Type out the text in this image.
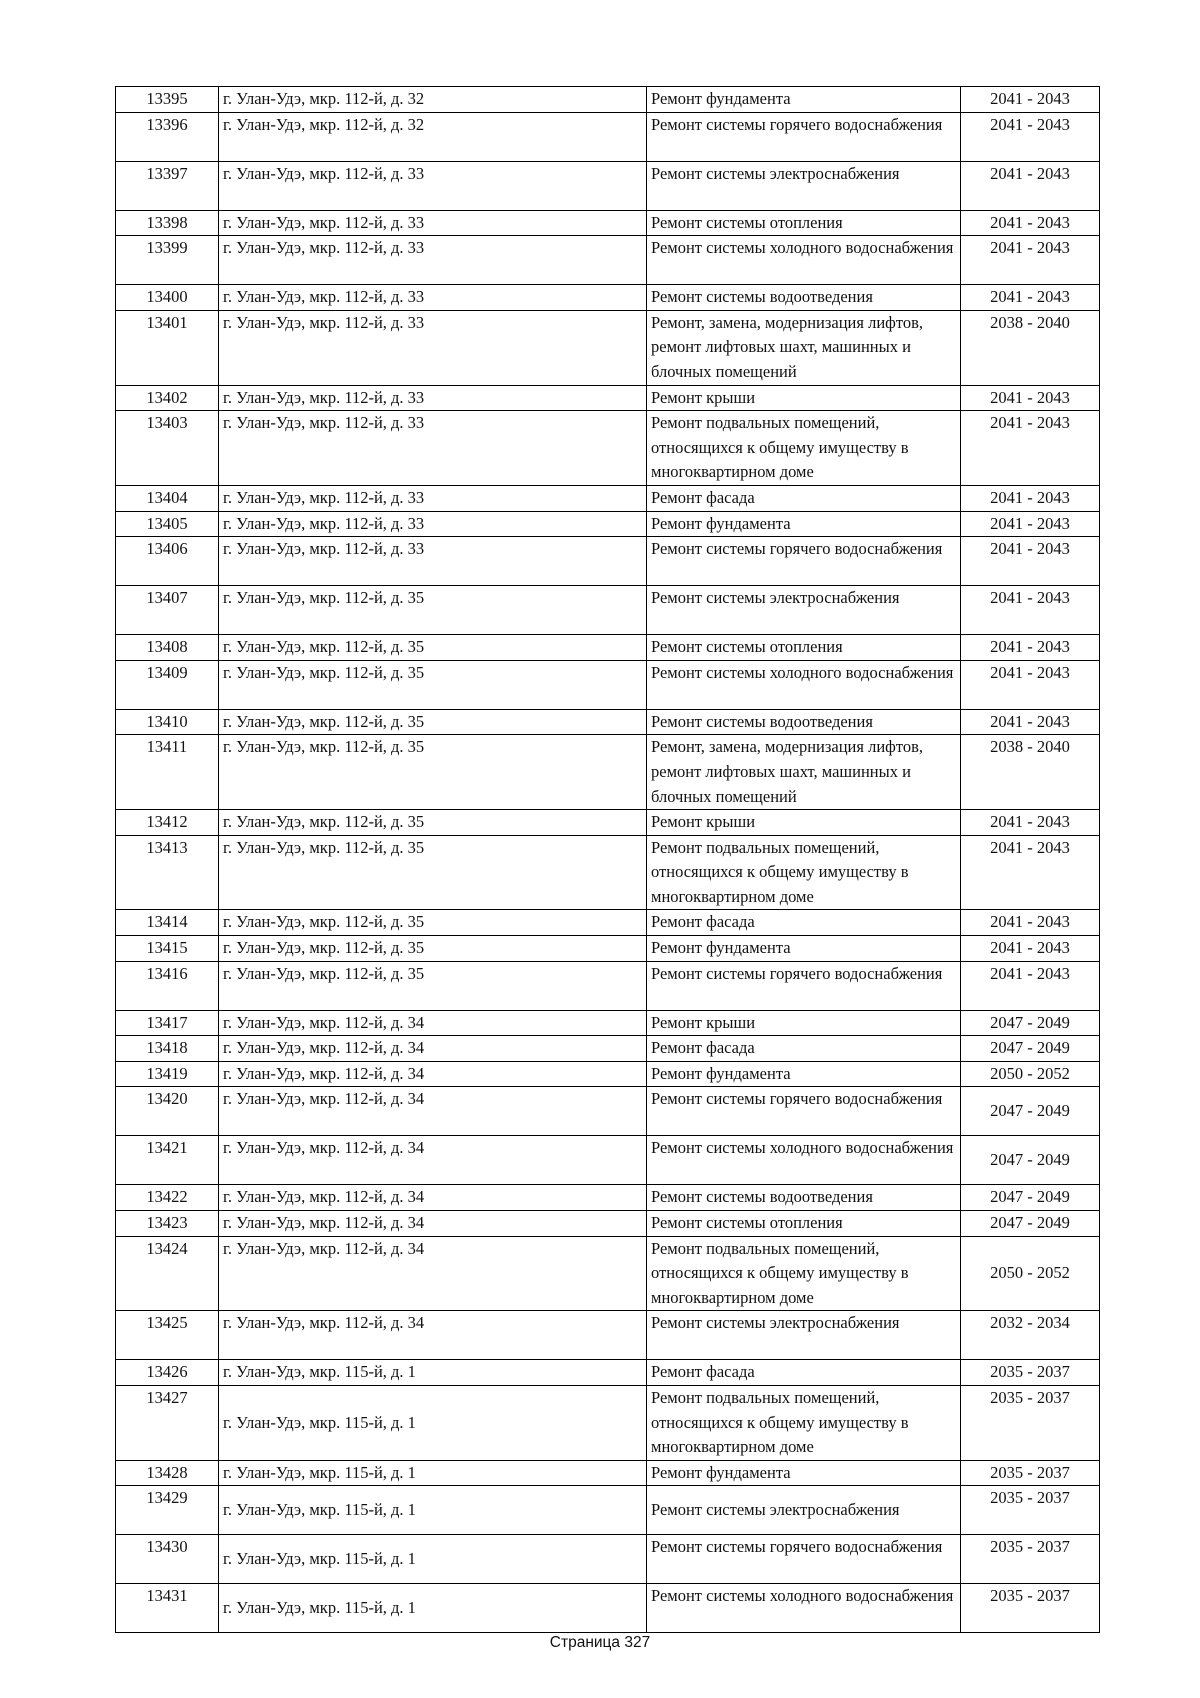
13395	г. Улан-Удэ, мкр. 112-й, д. 32	Ремонт фундамента	2041 - 2043
13396	г. Улан-Удэ, мкр. 112-й, д. 32	Ремонт системы горячего водоснабжения	2041 - 2043
13397	г. Улан-Удэ, мкр. 112-й, д. 33	Ремонт системы электроснабжения	2041 - 2043
13398	г. Улан-Удэ, мкр. 112-й, д. 33	Ремонт системы отопления	2041 - 2043
13399	г. Улан-Удэ, мкр. 112-й, д. 33	Ремонт системы холодного водоснабжения	2041 - 2043
13400	г. Улан-Удэ, мкр. 112-й, д. 33	Ремонт системы водоотведения	2041 - 2043
13401	г. Улан-Удэ, мкр. 112-й, д. 33	Ремонт, замена, модернизация лифтов, ремонт лифтовых шахт, машинных и блочных помещений	2038 - 2040
13402	г. Улан-Удэ, мкр. 112-й, д. 33	Ремонт крыши	2041 - 2043
13403	г. Улан-Удэ, мкр. 112-й, д. 33	Ремонт подвальных помещений, относящихся к общему имуществу в многоквартирном доме	2041 - 2043
13404	г. Улан-Удэ, мкр. 112-й, д. 33	Ремонт фасада	2041 - 2043
13405	г. Улан-Удэ, мкр. 112-й, д. 33	Ремонт фундамента	2041 - 2043
13406	г. Улан-Удэ, мкр. 112-й, д. 33	Ремонт системы горячего водоснабжения	2041 - 2043
13407	г. Улан-Удэ, мкр. 112-й, д. 35	Ремонт системы электроснабжения	2041 - 2043
13408	г. Улан-Удэ, мкр. 112-й, д. 35	Ремонт системы отопления	2041 - 2043
13409	г. Улан-Удэ, мкр. 112-й, д. 35	Ремонт системы холодного водоснабжения	2041 - 2043
13410	г. Улан-Удэ, мкр. 112-й, д. 35	Ремонт системы водоотведения	2041 - 2043
13411	г. Улан-Удэ, мкр. 112-й, д. 35	Ремонт, замена, модернизация лифтов, ремонт лифтовых шахт, машинных и блочных помещений	2038 - 2040
13412	г. Улан-Удэ, мкр. 112-й, д. 35	Ремонт крыши	2041 - 2043
13413	г. Улан-Удэ, мкр. 112-й, д. 35	Ремонт подвальных помещений, относящихся к общему имуществу в многоквартирном доме	2041 - 2043
13414	г. Улан-Удэ, мкр. 112-й, д. 35	Ремонт фасада	2041 - 2043
13415	г. Улан-Удэ, мкр. 112-й, д. 35	Ремонт фундамента	2041 - 2043
13416	г. Улан-Удэ, мкр. 112-й, д. 35	Ремонт системы горячего водоснабжения	2041 - 2043
13417	г. Улан-Удэ, мкр. 112-й, д. 34	Ремонт крыши	2047 - 2049
13418	г. Улан-Удэ, мкр. 112-й, д. 34	Ремонт фасада	2047 - 2049
13419	г. Улан-Удэ, мкр. 112-й, д. 34	Ремонт фундамента	2050 - 2052
13420	г. Улан-Удэ, мкр. 112-й, д. 34	Ремонт системы горячего водоснабжения	2047 - 2049
13421	г. Улан-Удэ, мкр. 112-й, д. 34	Ремонт системы холодного водоснабжения	2047 - 2049
13422	г. Улан-Удэ, мкр. 112-й, д. 34	Ремонт системы водоотведения	2047 - 2049
13423	г. Улан-Удэ, мкр. 112-й, д. 34	Ремонт системы отопления	2047 - 2049
13424	г. Улан-Удэ, мкр. 112-й, д. 34	Ремонт подвальных помещений, относящихся к общему имуществу в многоквартирном доме	2050 - 2052
13425	г. Улан-Удэ, мкр. 112-й, д. 34	Ремонт системы электроснабжения	2032 - 2034
13426	г. Улан-Удэ, мкр. 115-й, д. 1	Ремонт фасада	2035 - 2037
13427	г. Улан-Удэ, мкр. 115-й, д. 1	Ремонт подвальных помещений, относящихся к общему имуществу в многоквартирном доме	2035 - 2037
13428	г. Улан-Удэ, мкр. 115-й, д. 1	Ремонт фундамента	2035 - 2037
13429	г. Улан-Удэ, мкр. 115-й, д. 1	Ремонт системы электроснабжения	2035 - 2037
13430	г. Улан-Удэ, мкр. 115-й, д. 1	Ремонт системы горячего водоснабжения	2035 - 2037
13431	г. Улан-Удэ, мкр. 115-й, д. 1	Ремонт системы холодного водоснабжения	2035 - 2037
Страница 327
